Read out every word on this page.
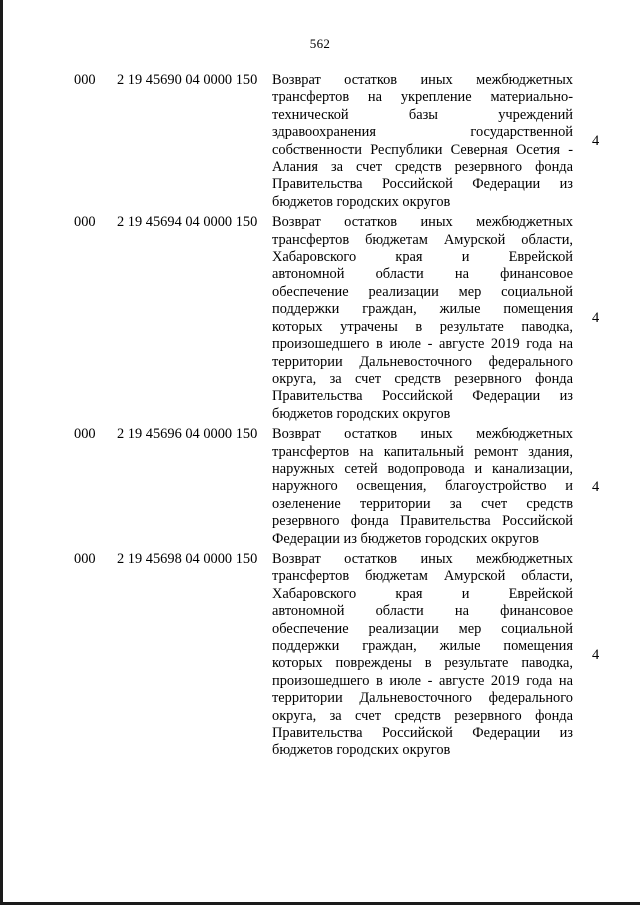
562
000 2 19 45690 04 0000 150 Возврат остатков иных межбюджетных
трансфертов на укрепление материально-
технической базы учреждений
здравоохранения государственной
собственности Республики Северная Осетия -
Алания за счет средств резервного фонда
Правительства Российской Федерации из
бюджетов городских округов
4
000 2 19 45694 04 0000 150 Возврат остатков иных межбюджетных
трансфертов бюджетам Амурской области,
Хабаровского края и Еврейской
автономной области на финансовое
обеспечение реализации мер социальной
поддержки граждан, жилые помещения
которых утрачены в результате паводка,
произошедшего в июле - августе 2019 года на
территории Дальневосточного федерального
округа, за счет средств резервного фонда
Правительства Российской Федерации из
бюджетов городских округов
4
000 2 19 45696 04 0000 150 Возврат остатков иных межбюджетных
трансфертов на капитальный ремонт здания,
наружных сетей водопровода и канализации,
наружного освещения, благоустройство и
озеленение территории за счет средств
резервного фонда Правительства Российской
Федерации из бюджетов городских округов
4
000 2 19 45698 04 0000 150 Возврат остатков иных межбюджетных
трансфертов бюджетам Амурской области,
Хабаровского края и Еврейской
автономной области на финансовое
обеспечение реализации мер социальной
поддержки граждан, жилые помещения
которых повреждены в результате паводка,
произошедшего в июле - августе 2019 года на
территории Дальневосточного федерального
округа, за счет средств резервного фонда
Правительства Российской Федерации из
бюджетов городских округов
4
